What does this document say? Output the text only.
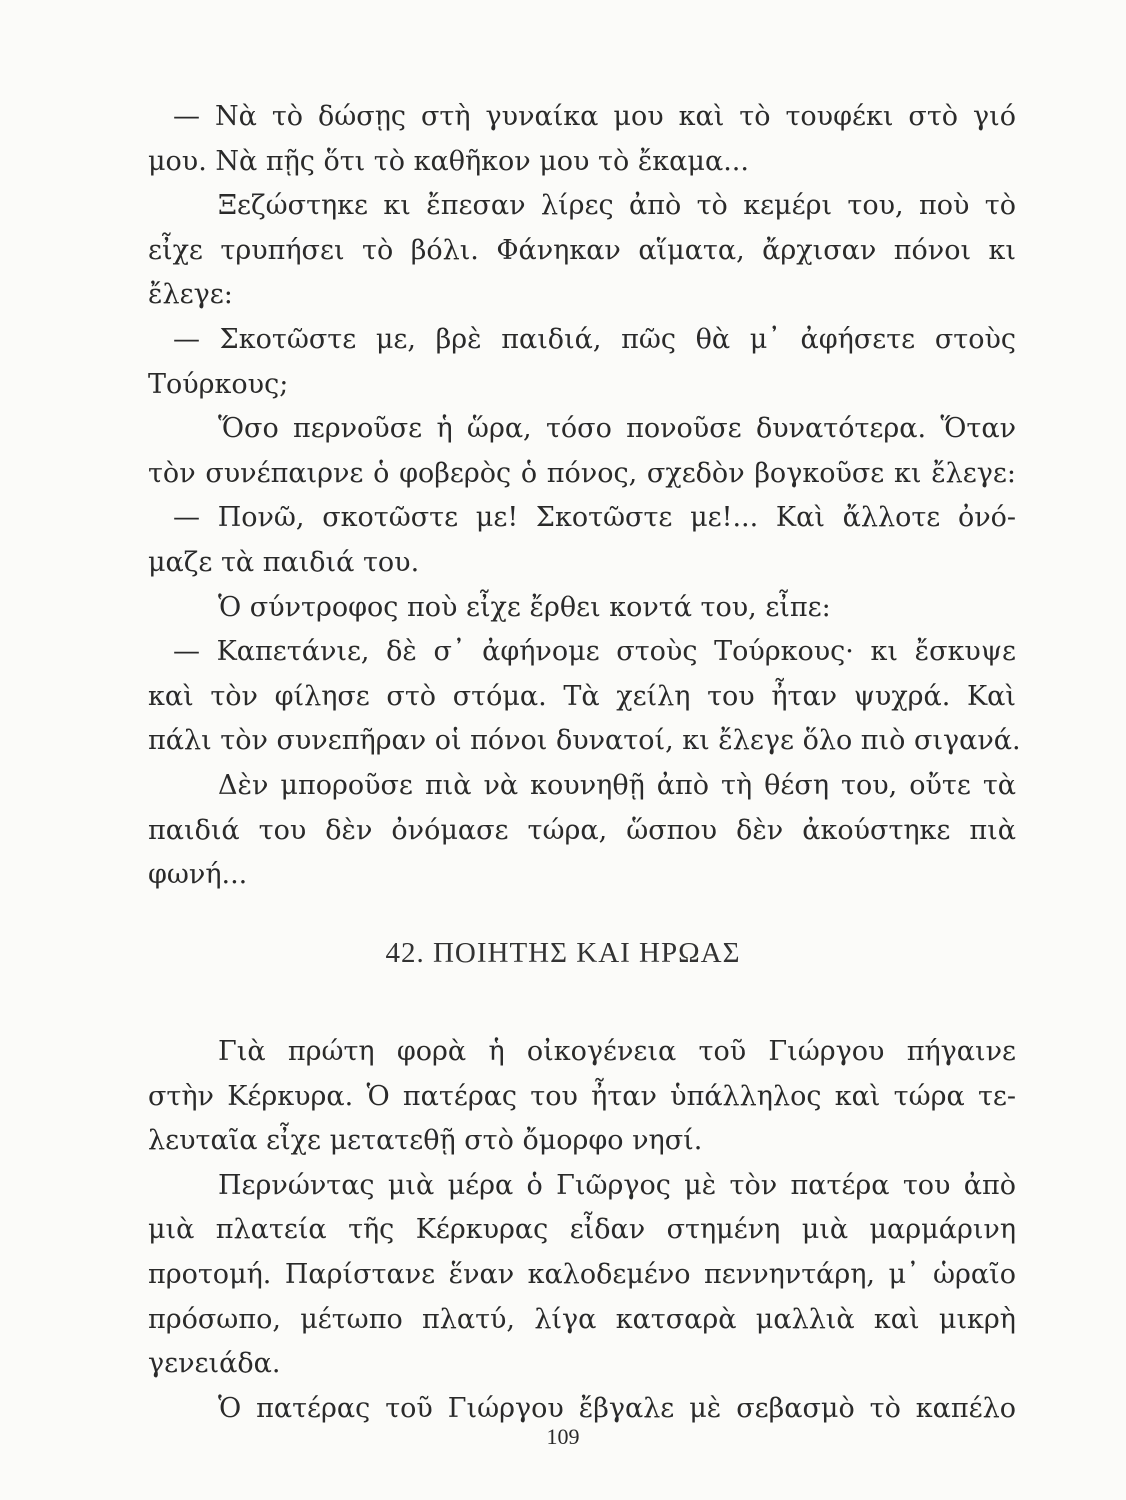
— Νὰ τὸ δώσῃς στὴ γυναίκα μου καὶ τὸ τουφέκι στὸ γιό
μου. Νὰ πῇς ὅτι τὸ καθῆκον μου τὸ ἔκαμα...
Ξεζώστηκε κι ἔπεσαν λίρες ἀπὸ τὸ κεμέρι του, ποὺ τὸ
εἶχε τρυπήσει τὸ βόλι. Φάνηκαν αἵματα, ἄρχισαν πόνοι κι
ἔλεγε:
— Σκοτῶστε με, βρὲ παιδιά, πῶς θὰ μ᾽ ἀφήσετε στοὺς
Τούρκους;
Ὅσο περνοῦσε ἡ ὥρα, τόσο πονοῦσε δυνατότερα. Ὅταν
τὸν συνέπαιρνε ὁ φοβερὸς ὁ πόνος, σχεδὸν βογκοῦσε κι ἔλεγε:
— Πονῶ, σκοτῶστε με! Σκοτῶστε με!... Καὶ ἄλλοτε ὀνό-
μαζε τὰ παιδιά του.
Ὁ σύντροφος ποὺ εἶχε ἔρθει κοντά του, εἶπε:
— Καπετάνιε, δὲ σ᾽ ἀφήνομε στοὺς Τούρκους· κι ἔσκυψε
καὶ τὸν φίλησε στὸ στόμα. Τὰ χείλη του ἦταν ψυχρά. Καὶ
πάλι τὸν συνεπῆραν οἱ πόνοι δυνατοί, κι ἔλεγε ὅλο πιὸ σιγανά.
Δὲν μποροῦσε πιὰ νὰ κουνηθῇ ἀπὸ τὴ θέση του, οὔτε τὰ
παιδιά του δὲν ὀνόμασε τώρα, ὥσπου δὲν ἀκούστηκε πιὰ
φωνή...
42. ΠΟΙΗΤΗΣ ΚΑΙ ΗΡΩΑΣ
Γιὰ πρώτη φορὰ ἡ οἰκογένεια τοῦ Γιώργου πήγαινε
στὴν Κέρκυρα. Ὁ πατέρας του ἦταν ὑπάλληλος καὶ τώρα τε-
λευταῖα εἶχε μετατεθῇ στὸ ὄμορφο νησί.
Περνώντας μιὰ μέρα ὁ Γιῶργος μὲ τὸν πατέρα του ἀπὸ
μιὰ πλατεία τῆς Κέρκυρας εἶδαν στημένη μιὰ μαρμάρινη
προτομή. Παρίστανε ἕναν καλοδεμένο πεννηντάρη, μ᾽ ὡραῖο
πρόσωπο, μέτωπο πλατύ, λίγα κατσαρὰ μαλλιὰ καὶ μικρὴ
γενειάδα.
Ὁ πατέρας τοῦ Γιώργου ἔβγαλε μὲ σεβασμὸ τὸ καπέλο
109
